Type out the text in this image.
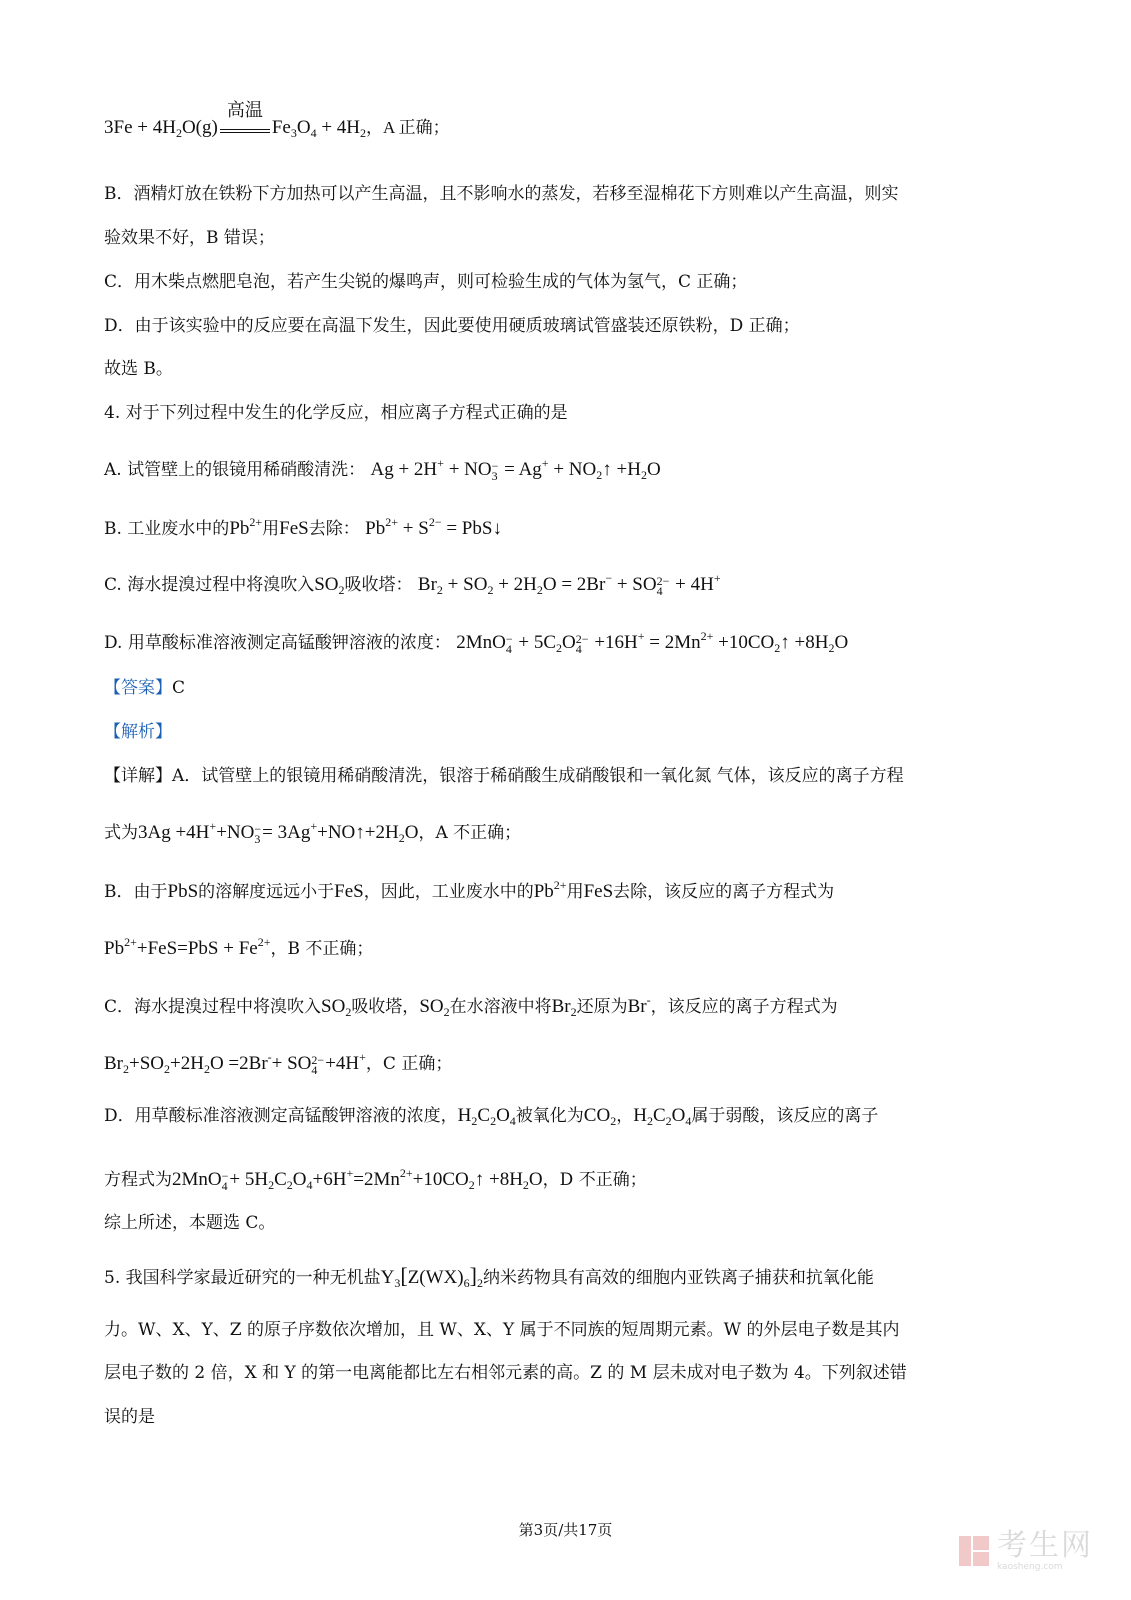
$3Fe + 4H_2O(g)$
高温
$Fe_3O_4 + 4H_2$，A 正确；
B．酒精灯放在铁粉下方加热可以产生高温，且不影响水的蒸发，若移至湿棉花下方则难以产生高温，则实
验效果不好，B 错误；
C．用木柴点燃肥皂泡，若产生尖锐的爆鸣声，则可检验生成的气体为氢气，C 正确；
D．由于该实验中的反应要在高温下发生，因此要使用硬质玻璃试管盛装还原铁粉，D 正确；
故选 B。
4. 对于下列过程中发生的化学反应，相应离子方程式正确的是
A. 试管壁上的银镜用稀硝酸清洗： Ag + 2H+ + NO −
$3 = Ag^+ + NO_2↑ +H_2O$
B. 工业废水中的$Pb^{2+}$用FeS去除： $Pb^{2+} + S^{2-}$ = PbS↓
C. 海水提溴过程中将溴吹入$SO_2$吸收塔： $Br_2 + SO_2 + 2H_2O = 2Br^-$ + SO 2−
4 + 4H+
D. 用草酸标准溶液测定高锰酸钾溶液的浓度： 2MnO −
$4 + 5C_2O$ 2−
$4 +16H^+ = 2Mn^{2+}$ $+10CO_2↑ +8H_2O$
【答案】C
【解析】
【详解】A．试管壁上的银镜用稀硝酸清洗，银溶于稀硝酸生成硝酸银和一氧化氮 气体，该反应的离子方程
式为3Ag +4H++NO −
$3 = 3Ag^++NO↑+2H_2O$，A 不正确；
B．由于PbS的溶解度远远小于FeS，因此，工业废水中的$Pb^{2+}$用FeS去除，该反应的离子方程式为
$Pb^{2+}+FeS=PbS + Fe^{2+}$，B 不正确；
C．海水提溴过程中将溴吹入$SO_2$吸收塔，$SO_2$在水溶液中将$Br_2$还原为Br-，该反应的离子方程式为
$Br_2+SO_2+2H_2O =2Br^-+$ SO 2−
4 +4H+，C 正确；
D．用草酸标准溶液测定高锰酸钾溶液的浓度，$H_2C_2O_4$被氧化为$CO_2$，$H_2C_2O_4$属于弱酸，该反应的离子
方程式为2MnO −
$4 + 5H_2C_2O_4+6H^+=2Mn^{2+}+10CO_2↑ +8H_2O$，D 不正确；
综上所述，本题选 C。
5. 我国科学家最近研究的一种无机盐$Y_3[Z(WX)_6]_2$纳米药物具有高效的细胞内亚铁离子捕获和抗氧化能
力。W、X、Y、Z 的原子序数依次增加，且 W、X、Y 属于不同族的短周期元素。W 的外层电子数是其内
层电子数的 2 倍，X 和 Y 的第一电离能都比左右相邻元素的高。Z 的 M 层未成对电子数为 4。下列叙述错
误的是
第3页/共17页	考生网
kaosheng.com
